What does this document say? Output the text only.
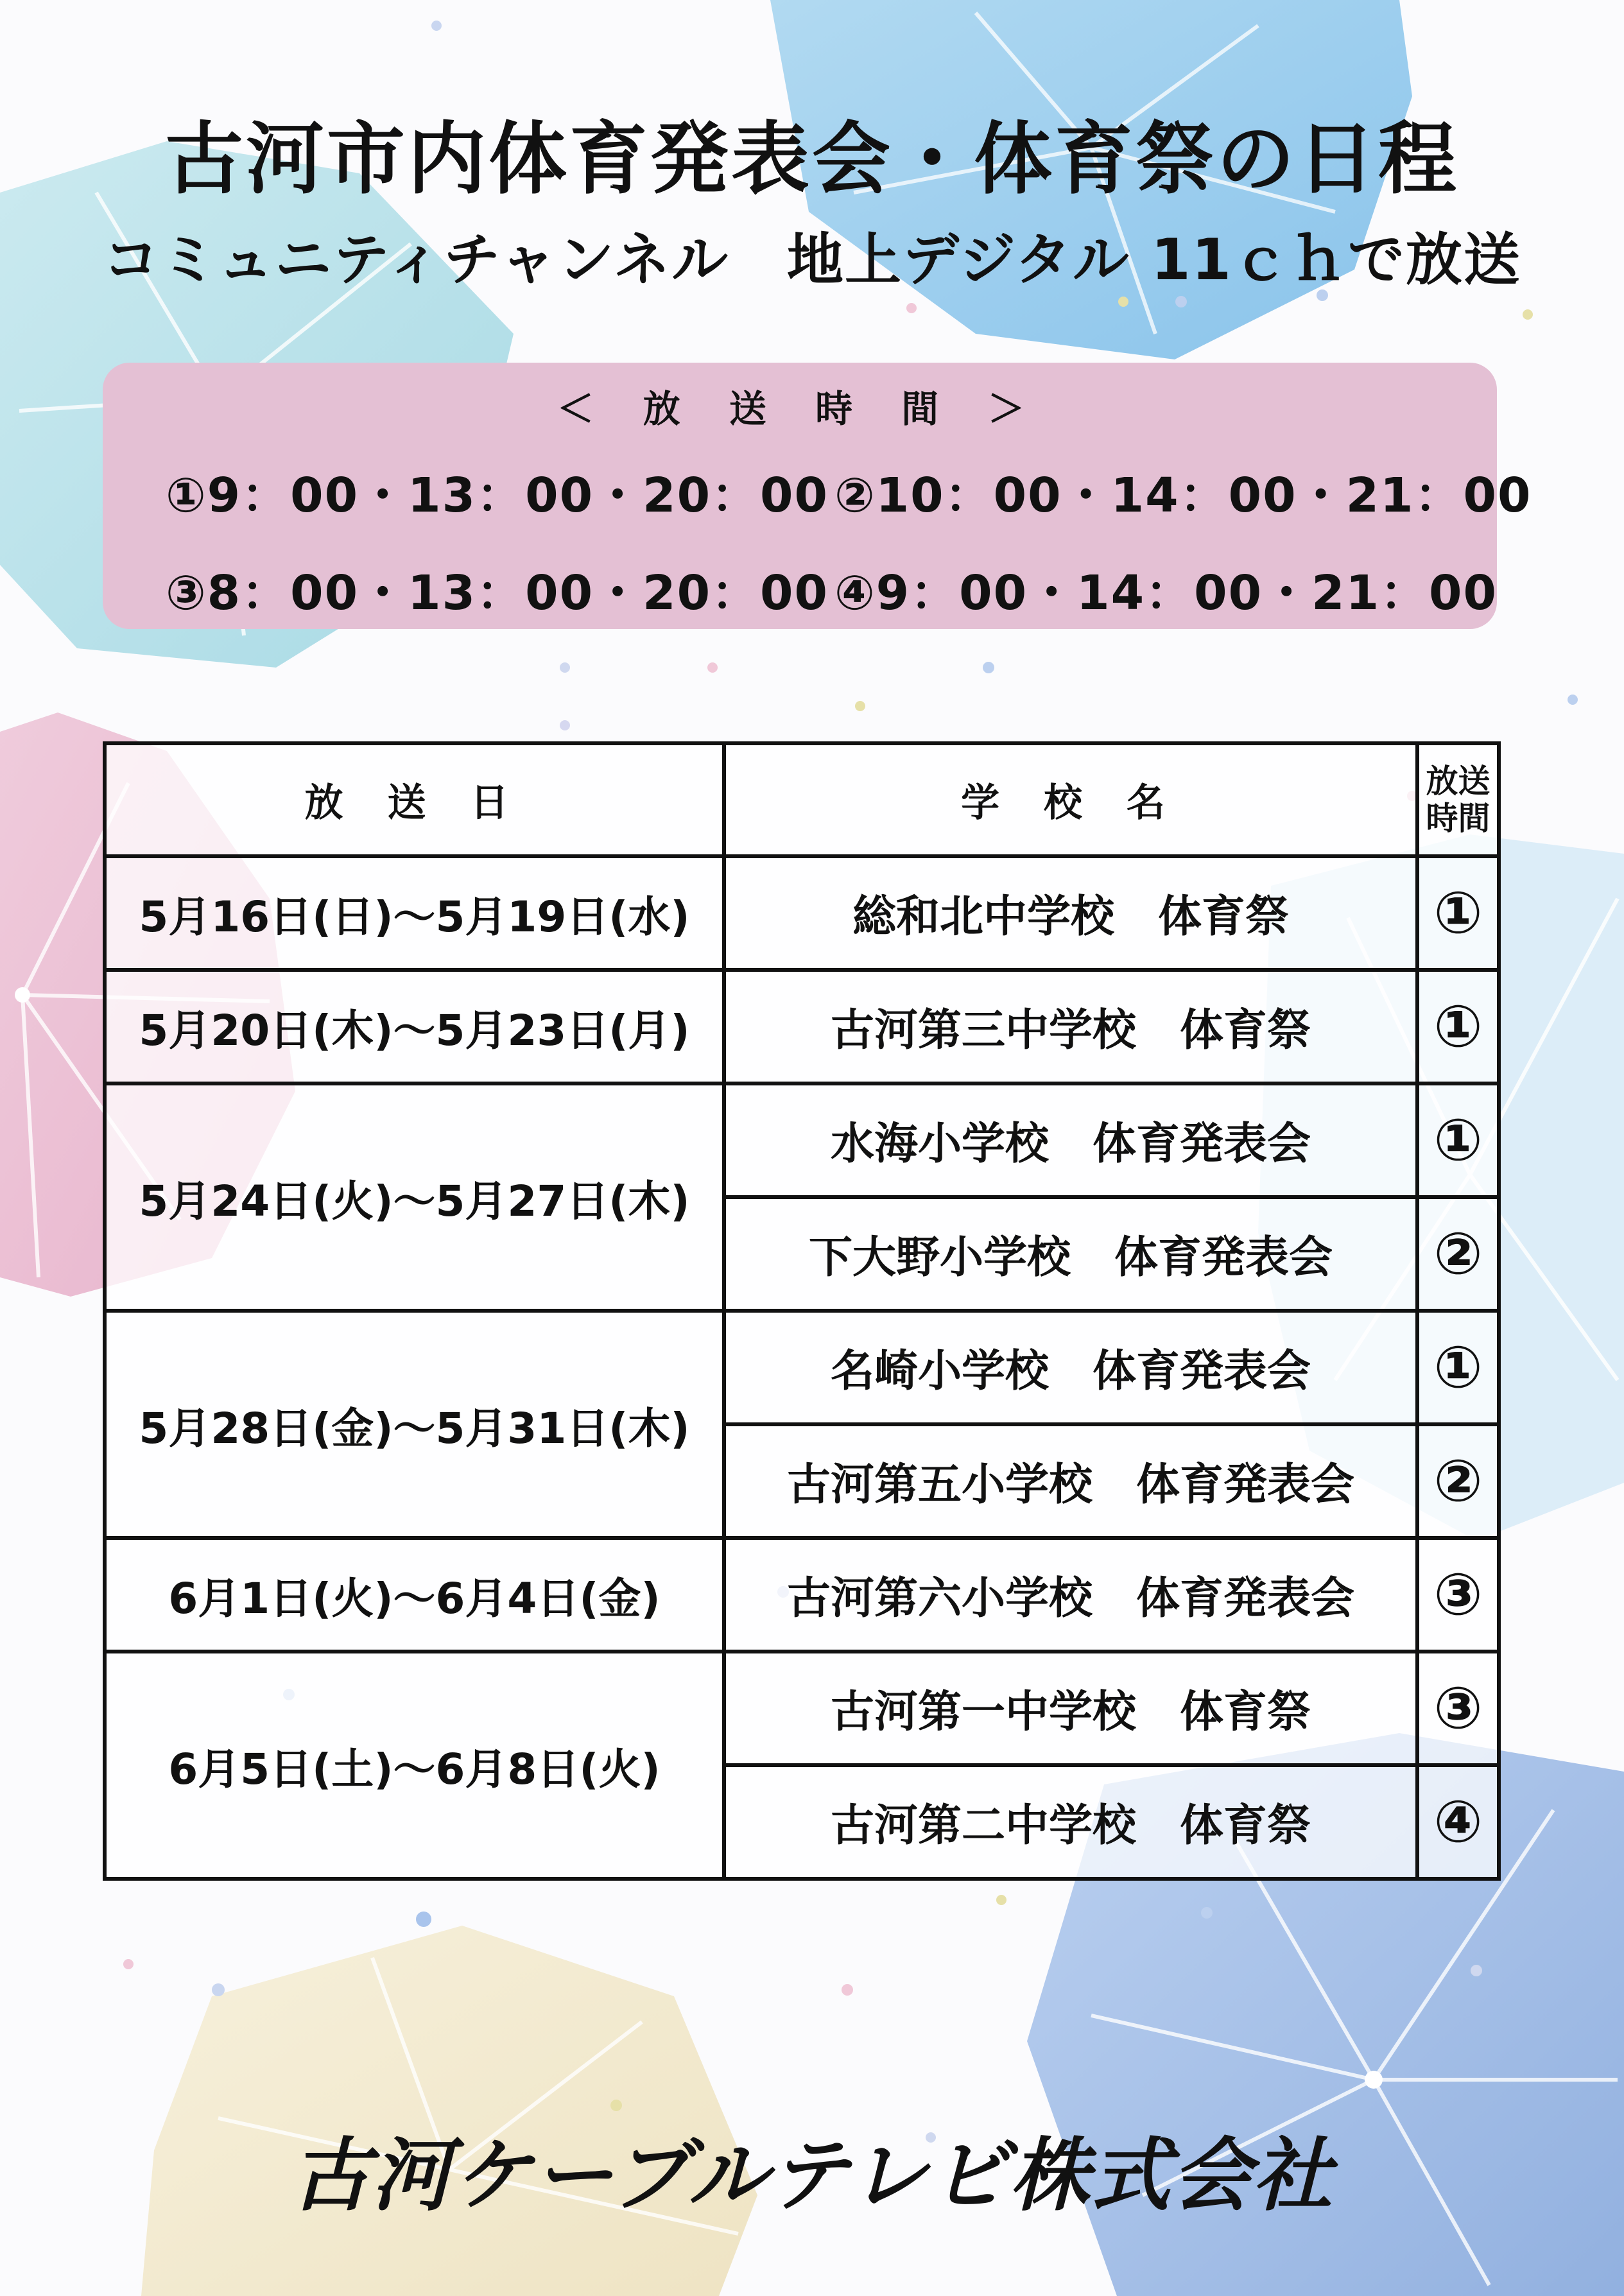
古河市内体育発表会・体育祭の日程
コミュニティチャンネル　地上デジタル 11ｃｈで放送
＜ 放 送 時 間 ＞
①9：00・13：00・20：00 ②10：00・14：00・21：00
③8：00・13：00・20：00 ④9：00・14：00・21：00
放 送 日	学 校 名	放送時間
5月16日(日)～5月19日(水)	総和北中学校　体育祭	①
5月20日(木)～5月23日(月)	古河第三中学校　体育祭	①
5月24日(火)～5月27日(木)	水海小学校　体育発表会	①
	下大野小学校　体育発表会	②
5月28日(金)～5月31日(木)	名崎小学校　体育発表会	①
	古河第五小学校　体育発表会	②
6月1日(火)～6月4日(金)	古河第六小学校　体育発表会	③
6月5日(土)～6月8日(火)	古河第一中学校　体育祭	③
	古河第二中学校　体育祭	④
古河ケーブルテレビ株式会社
